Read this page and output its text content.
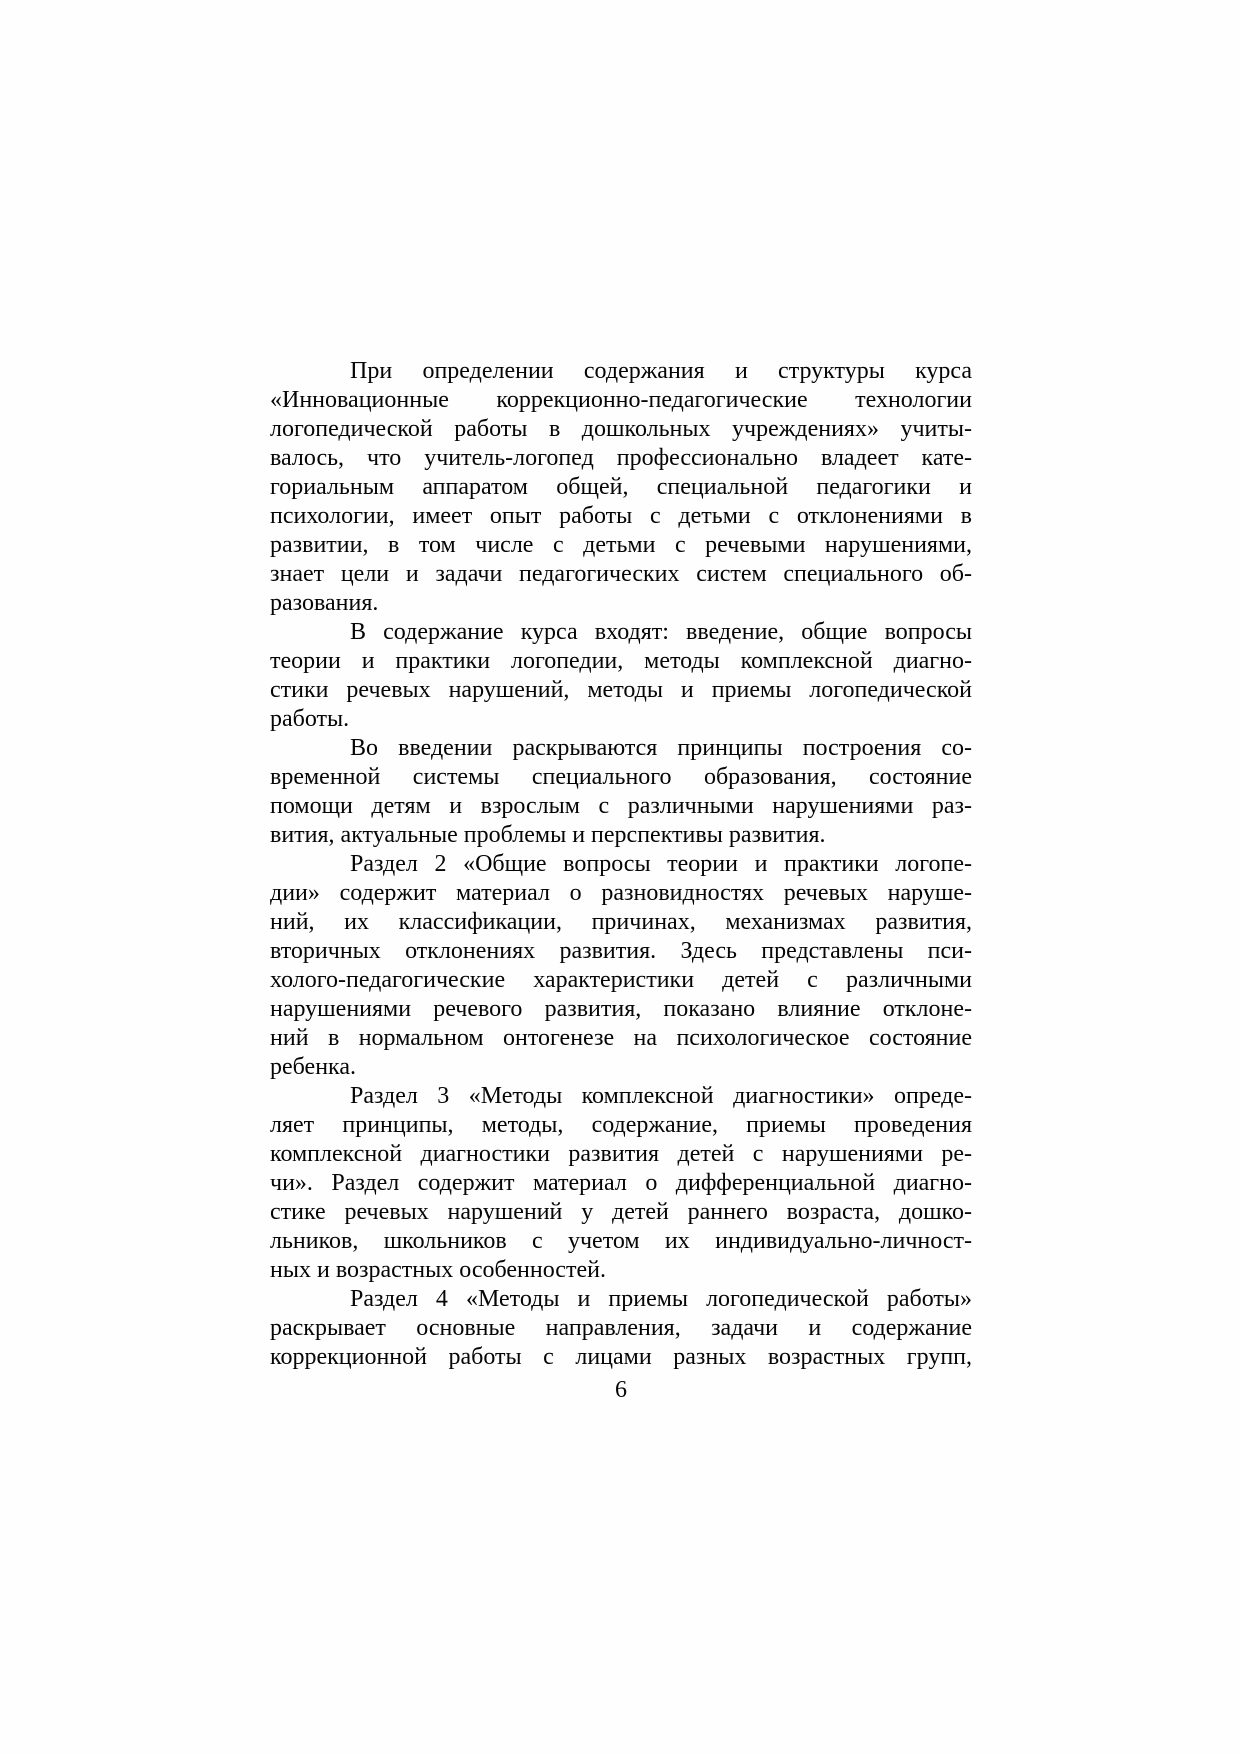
При определении содержания и структуры курса
«Инновационные коррекционно-педагогические технологии
логопедической работы в дошкольных учреждениях» учиты-
валось, что учитель-логопед профессионально владеет кате-
гориальным аппаратом общей, специальной педагогики и
психологии, имеет опыт работы с детьми с отклонениями в
развитии, в том числе с детьми с речевыми нарушениями,
знает цели и задачи педагогических систем специального об-
разования.
В содержание курса входят: введение, общие вопросы
теории и практики логопедии, методы комплексной диагно-
стики речевых нарушений, методы и приемы логопедической
работы.
Во введении раскрываются принципы построения со-
временной системы специального образования, состояние
помощи детям и взрослым с различными нарушениями раз-
вития, актуальные проблемы и перспективы развития.
Раздел 2 «Общие вопросы теории и практики логопе-
дии» содержит материал о разновидностях речевых наруше-
ний, их классификации, причинах, механизмах развития,
вторичных отклонениях развития. Здесь представлены пси-
холого-педагогические характеристики детей с различными
нарушениями речевого развития, показано влияние отклоне-
ний в нормальном онтогенезе на психологическое состояние
ребенка.
Раздел 3 «Методы комплексной диагностики» опреде-
ляет принципы, методы, содержание, приемы проведения
комплексной диагностики развития детей с нарушениями ре-
чи». Раздел содержит материал о дифференциальной диагно-
стике речевых нарушений у детей раннего возраста, дошко-
льников, школьников с учетом их индивидуально-личност-
ных и возрастных особенностей.
Раздел 4 «Методы и приемы логопедической работы»
раскрывает основные направления, задачи и содержание
коррекционной работы с лицами разных возрастных групп,
6
